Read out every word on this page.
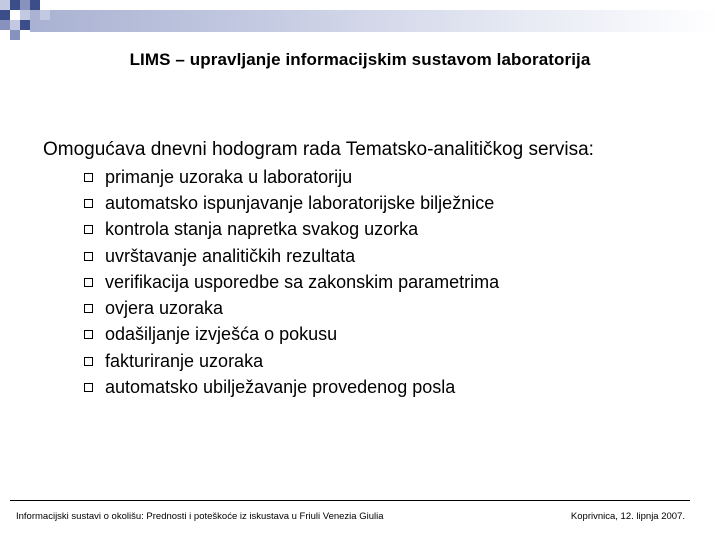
LIMS – upravljanje informacijskim sustavom laboratorija
Omogućava dnevni hodogram rada Tematsko-analitičkog servisa:
primanje uzoraka u laboratoriju
automatsko ispunjavanje laboratorijske bilježnice
kontrola stanja napretka svakog uzorka
uvrštavanje analitičkih rezultata
verifikacija usporedbe sa zakonskim parametrima
ovjera uzoraka
odašiljanje izvješća o pokusu
fakturiranje uzoraka
automatsko ubilježavanje provedenog posla
Informacijski sustavi o okolišu: Prednosti i poteškoće iz iskustava u Friuli Venezia Giulia	Koprivnica, 12. lipnja 2007.
